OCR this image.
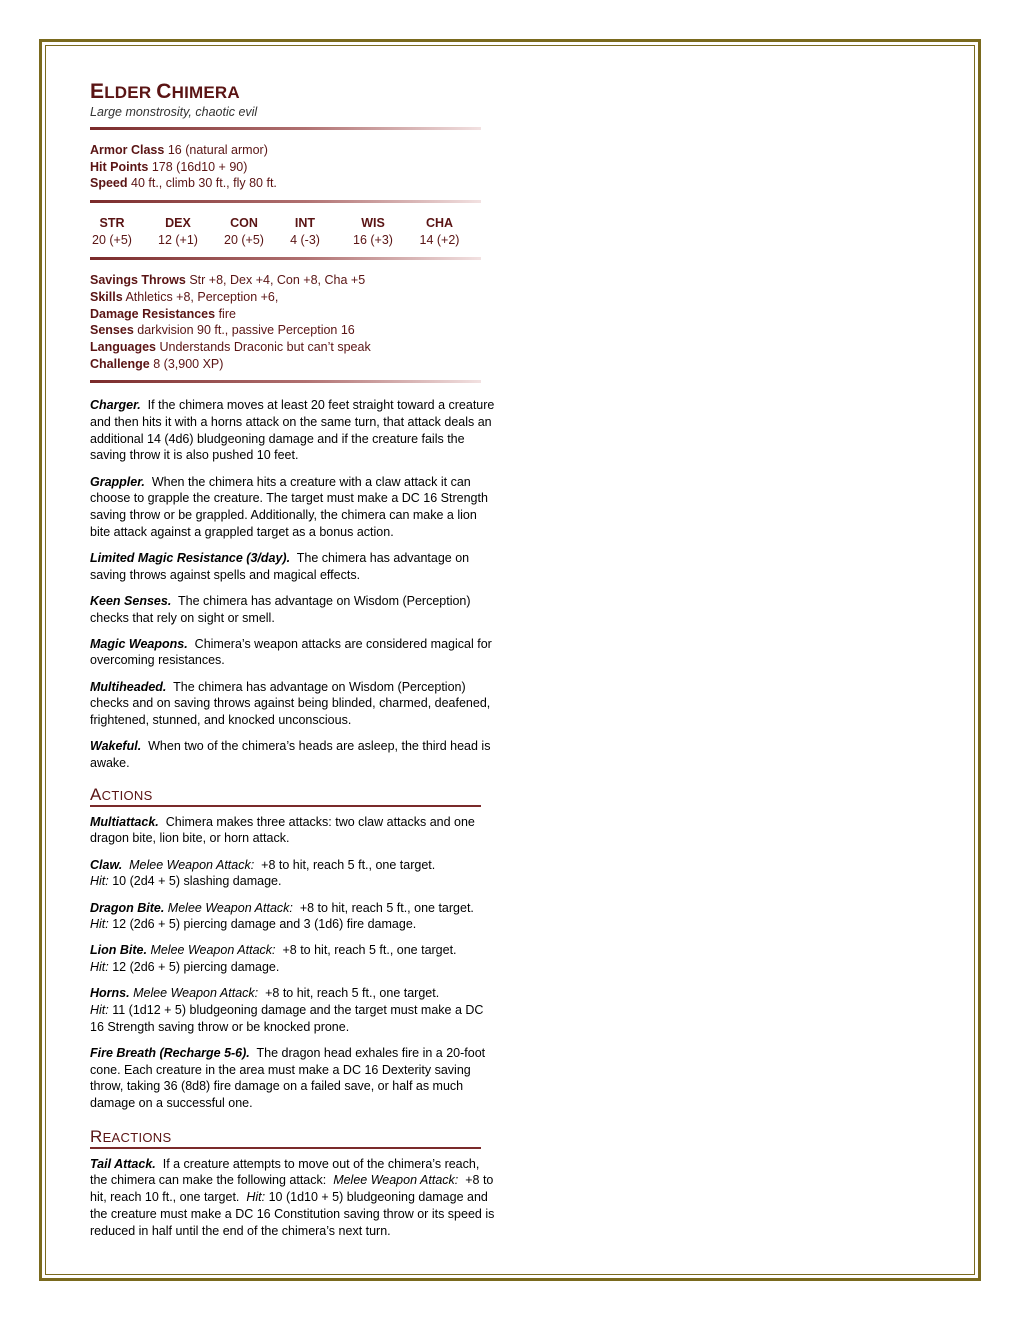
ELDER CHIMERA
Large monstrosity, chaotic evil
Armor Class 16 (natural armor)
Hit Points 178 (16d10 + 90)
Speed 40 ft., climb 30 ft., fly 80 ft.
STR
20 (+5)
DEX
12 (+1)
CON
20 (+5)
INT
4 (-3)
WIS
16 (+3)
CHA
14 (+2)
Savings Throws Str +8, Dex +4, Con +8, Cha +5
Skills Athletics +8, Perception +6,
Damage Resistances fire
Senses darkvision 90 ft., passive Perception 16
Languages Understands Draconic but can’t speak
Challenge 8 (3,900 XP)

Charger. If the chimera moves at least 20 feet straight toward a creature and then hits it with a horns attack on the same turn, that attack deals an additional 14 (4d6) bludgeoning damage and if the creature fails the saving throw it is also pushed 10 feet.

Grappler. When the chimera hits a creature with a claw attack it can choose to grapple the creature. The target must make a DC 16 Strength saving throw or be grappled. Additionally, the chimera can make a lion bite attack against a grappled target as a bonus action.

Limited Magic Resistance (3/day). The chimera has advantage on saving throws against spells and magical effects.

Keen Senses. The chimera has advantage on Wisdom (Perception) checks that rely on sight or smell.

Magic Weapons. Chimera’s weapon attacks are considered magical for overcoming resistances.

Multiheaded. The chimera has advantage on Wisdom (Perception) checks and on saving throws against being blinded, charmed, deafened, frightened, stunned, and knocked unconscious.

Wakeful. When two of the chimera’s heads are asleep, the third head is awake.

ACTIONS

Multiattack. Chimera makes three attacks: two claw attacks and one dragon bite, lion bite, or horn attack.

Claw. Melee Weapon Attack: +8 to hit, reach 5 ft., one target.
Hit: 10 (2d4 + 5) slashing damage.

Dragon Bite. Melee Weapon Attack: +8 to hit, reach 5 ft., one target.  Hit: 12 (2d6 + 5) piercing damage and 3 (1d6) fire damage.

Lion Bite. Melee Weapon Attack: +8 to hit, reach 5 ft., one target.
Hit: 12 (2d6 + 5) piercing damage.

Horns. Melee Weapon Attack: +8 to hit, reach 5 ft., one target.
Hit: 11 (1d12 + 5) bludgeoning damage and the target must make a DC 16 Strength saving throw or be knocked prone.

Fire Breath (Recharge 5-6). The dragon head exhales fire in a 20-foot cone. Each creature in the area must make a DC 16 Dexterity saving throw, taking 36 (8d8) fire damage on a failed save, or half as much damage on a successful one.

REACTIONS

Tail Attack. If a creature attempts to move out of the chimera’s reach, the chimera can make the following attack: Melee Weapon Attack: +8 to hit, reach 10 ft., one target. Hit: 10 (1d10 + 5) bludgeoning damage and the creature must make a DC 16 Constitution saving throw or its speed is reduced in half until the end of the chimera’s next turn.
